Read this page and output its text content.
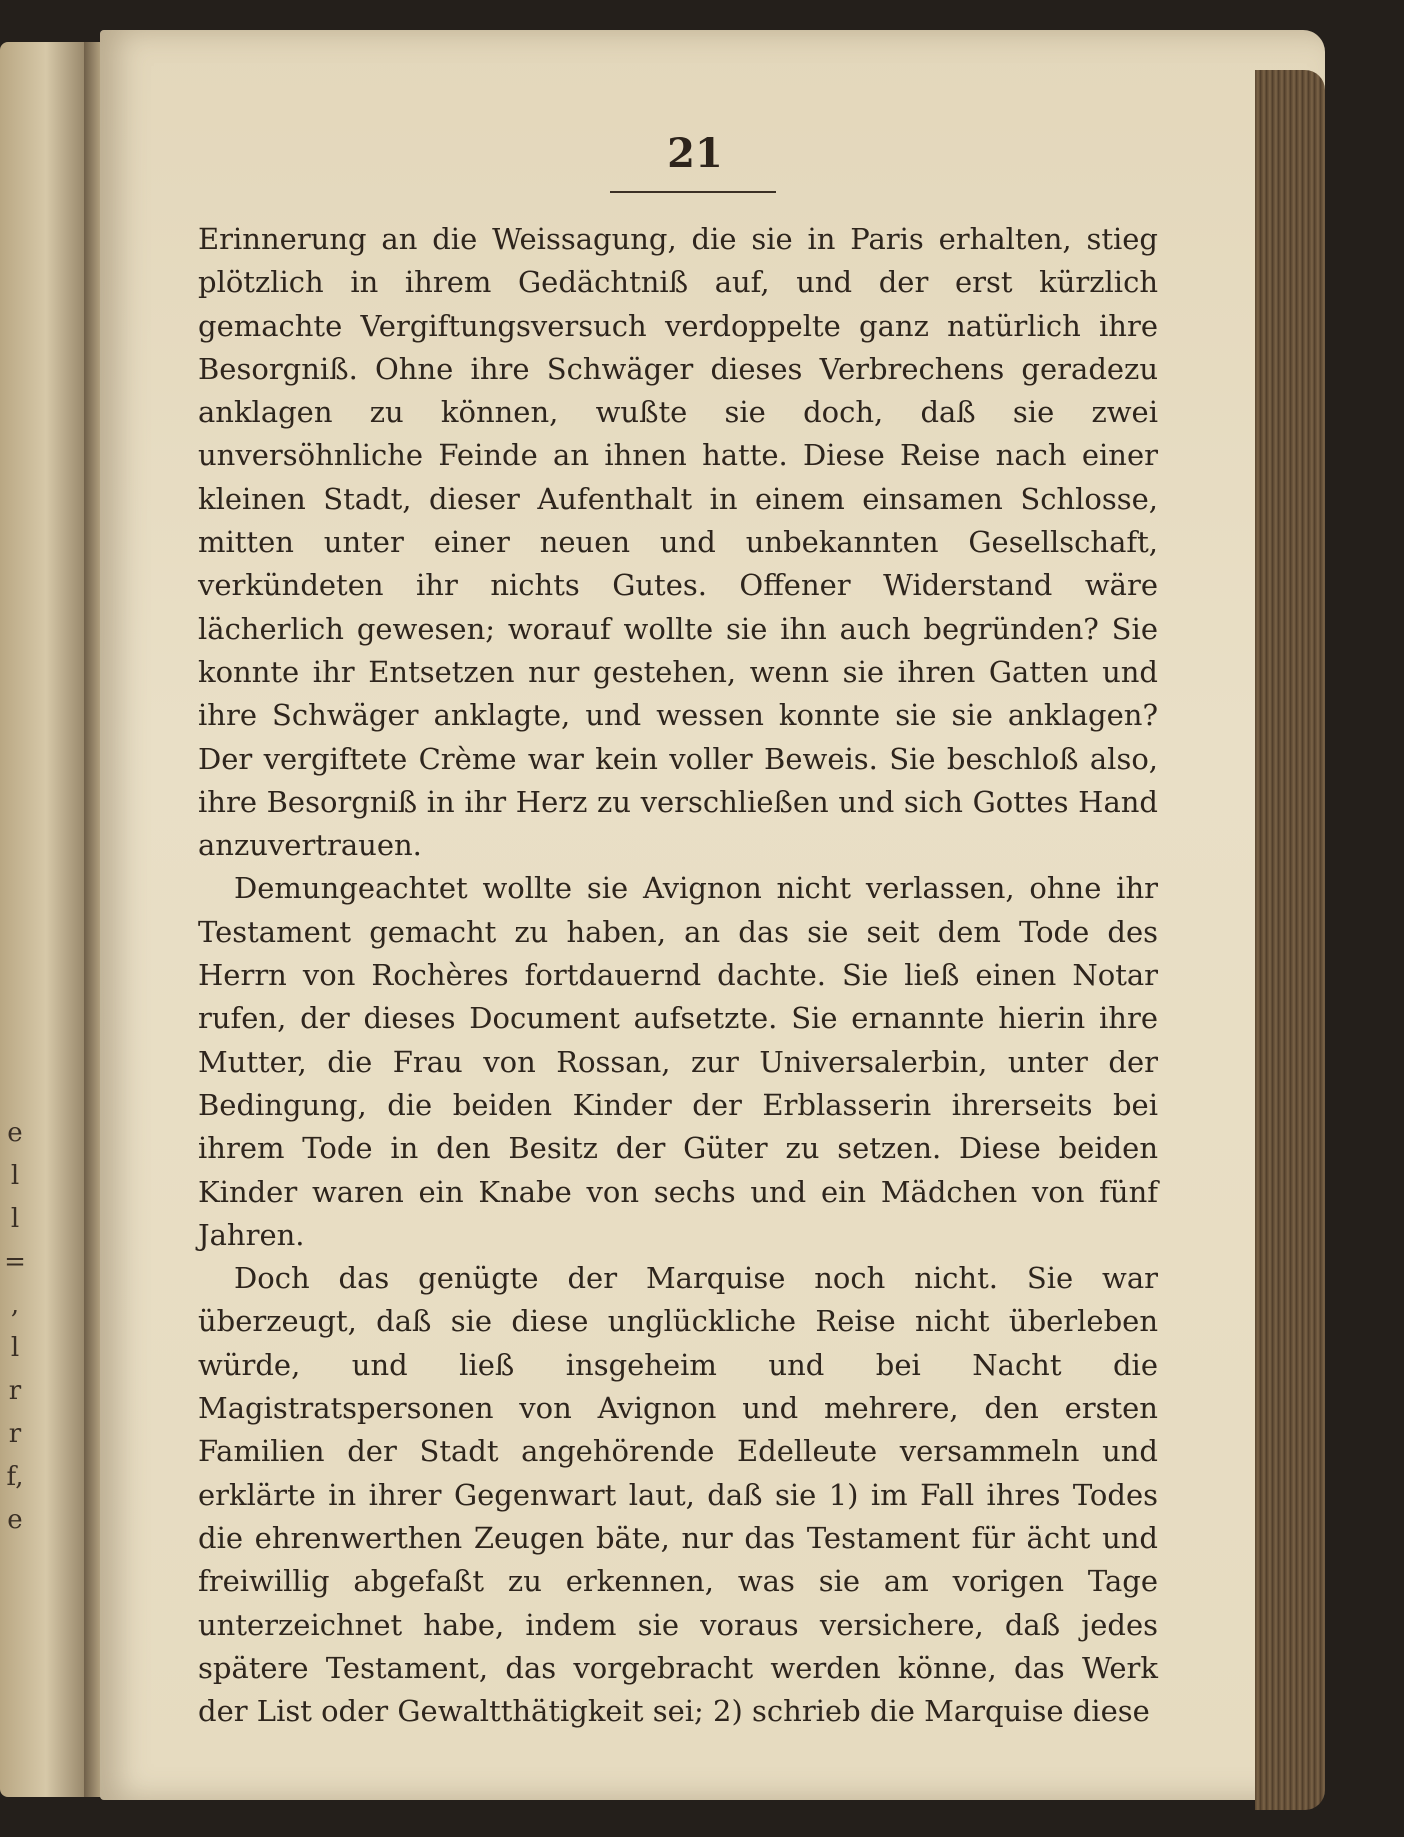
e
l
l
=
,
l
r
r
f,
e
21

Erinnerung an die Weissagung, die sie in Paris erhalten, stieg plötzlich in ihrem Gedächtniß auf, und der erst kürzlich gemachte Vergiftungsversuch verdoppelte ganz natürlich ihre Besorgniß. Ohne ihre Schwäger dieses Verbrechens geradezu anklagen zu können, wußte sie doch, daß sie zwei unversöhnliche Feinde an ihnen hatte. Diese Reise nach einer kleinen Stadt, dieser Aufenthalt in einem einsamen Schlosse, mitten unter einer neuen und unbekannten Gesellschaft, verkündeten ihr nichts Gutes. Offener Widerstand wäre lächerlich gewesen; worauf wollte sie ihn auch begründen? Sie konnte ihr Entsetzen nur gestehen, wenn sie ihren Gatten und ihre Schwäger anklagte, und wessen konnte sie sie anklagen? Der vergiftete Crème war kein voller Beweis. Sie beschloß also, ihre Besorgniß in ihr Herz zu verschließen und sich Gottes Hand anzuvertrauen.

Demungeachtet wollte sie Avignon nicht verlassen, ohne ihr Testament gemacht zu haben, an das sie seit dem Tode des Herrn von Rochères fortdauernd dachte. Sie ließ einen Notar rufen, der dieses Document aufsetzte. Sie ernannte hierin ihre Mutter, die Frau von Rossan, zur Universalerbin, unter der Bedingung, die beiden Kinder der Erblasserin ihrerseits bei ihrem Tode in den Besitz der Güter zu setzen. Diese beiden Kinder waren ein Knabe von sechs und ein Mädchen von fünf Jahren.

Doch das genügte der Marquise noch nicht. Sie war überzeugt, daß sie diese unglückliche Reise nicht überleben würde, und ließ insgeheim und bei Nacht die Magistratspersonen von Avignon und mehrere, den ersten Familien der Stadt angehörende Edelleute versammeln und erklärte in ihrer Gegenwart laut, daß sie 1) im Fall ihres Todes die ehrenwerthen Zeugen bäte, nur das Testament für ächt und freiwillig abgefaßt zu erkennen, was sie am vorigen Tage unterzeichnet habe, indem sie voraus versichere, daß jedes spätere Testament, das vorgebracht werden könne, das Werk der List oder Gewaltthätigkeit sei; 2) schrieb die Marquise diese
